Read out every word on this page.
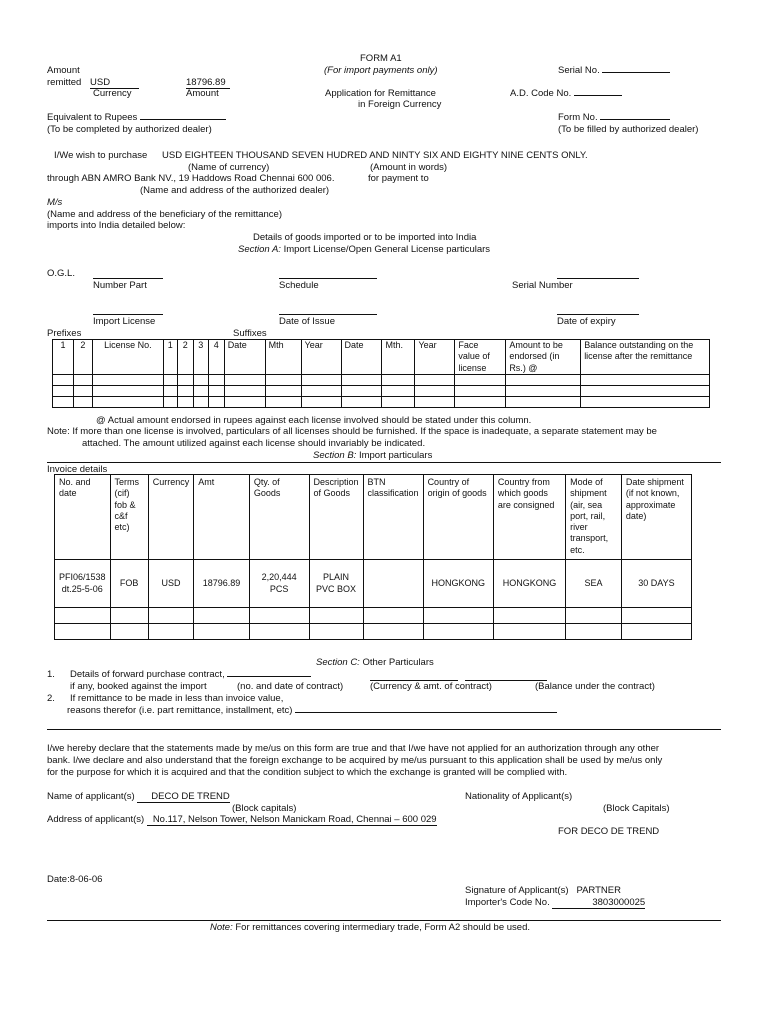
FORM A1
(For import payments only)	Serial No.
Amount
remitted USD	18796.89
Currency	Amount	Application for Remittance
in Foreign Currency
A.D. Code No.
Equivalent to Rupees
(To be completed by authorized dealer)
Form No.
(To be filled by authorized dealer)
I/We wish to purchase USD EIGHTEEN THOUSAND SEVEN HUDRED AND NINTY SIX AND EIGHTY NINE CENTS ONLY.
(Name of currency)	(Amount in words)
through ABN AMRO Bank NV., 19 Haddows Road Chennai 600 006.	for payment to
(Name and address of the authorized dealer)
M/s
(Name and address of the beneficiary of the remittance)
imports into India detailed below:
Details of goods imported or to be imported into India
Section A: Import License/Open General License particulars
O.G.L.
Number Part	Schedule	Serial Number
Import License	Date of Issue	Date of expiry
Prefixes	Suffixes
1	2	License No.	1	2	3	4	Date	Mth	Year	Date	Mth.	Year	Face value of license	Amount to be endorsed (in Rs.) @	Balance outstanding on the license after the remittance

@ Actual amount endorsed in rupees against each license involved should be stated under this column.
Note: If more than one license is involved, particulars of all licenses should be furnished. If the space is inadequate, a separate statement may be
attached. The amount utilized against each license should invariably be indicated.
Section B: Import particulars
Invoice details
No. and date	Terms (cif) fob & c&f etc)	Currency	Amt	Qty. of Goods	Description of Goods	BTN classification	Country of origin of goods	Country from which goods are consigned	Mode of shipment (air, sea port, rail, river transport, etc.	Date shipment (if not known, approximate date)
PFI06/1538 dt.25-5-06	FOB	USD	18796.89	2,20,444 PCS	PLAIN PVC BOX		HONGKONG	HONGKONG	SEA	30 DAYS

Section C: Other Particulars
1. Details of forward purchase contract,
if any, booked against the import	(no. and date of contract)	(Currency & amt. of contract)	(Balance under the contract)
2. If remittance to be made in less than invoice value,
reasons therefor (i.e. part remittance, installment, etc)
I/we hereby declare that the statements made by me/us on this form are true and that I/we have not applied for an authorization through any other
bank. I/we declare and also understand that the foreign exchange to be acquired by me/us pursuant to this application shall be used by me/us only
for the purpose for which it is acquired and that the condition subject to which the exchange is granted will be complied with.
Name of applicant(s) DECO DE TREND	Nationality of Applicant(s)
(Block capitals)	(Block Capitals)
Address of applicant(s) No.117, Nelson Tower, Nelson Manickam Road, Chennai – 600 029
FOR DECO DE TREND
Date:8-06-06
Signature of Applicant(s) PARTNER
Importer's Code No.	3803000025
Note: For remittances covering intermediary trade, Form A2 should be used.
